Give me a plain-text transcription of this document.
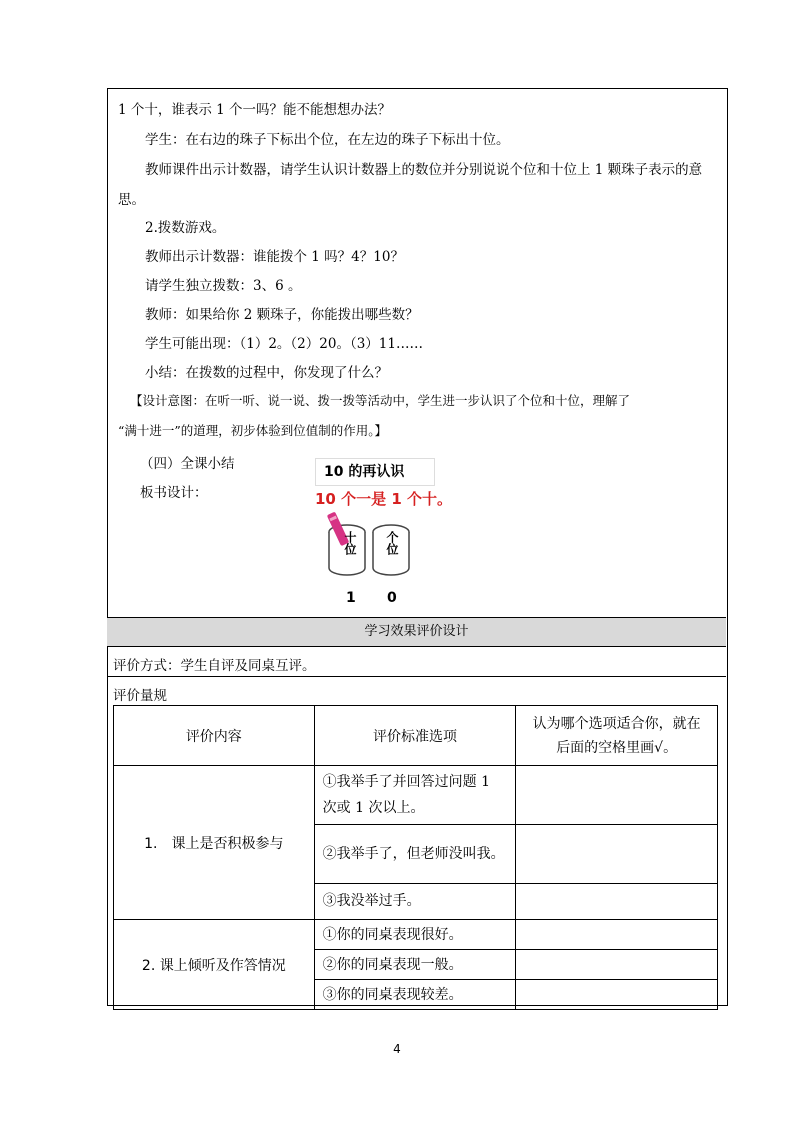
1 个十，谁表示 1 个一吗？能不能想想办法？
学生：在右边的珠子下标出个位，在左边的珠子下标出十位。
教师课件出示计数器，请学生认识计数器上的数位并分别说说个位和十位上 1 颗珠子表示的意
思。
2.拨数游戏。
教师出示计数器：谁能拨个 1 吗？4？10？
请学生独立拨数：3、6 。
教师：如果给你 2 颗珠子，你能拨出哪些数？
学生可能出现：（1）2。（2）20。（3）11……
小结：在拨数的过程中，你发现了什么？
【设计意图：在听一听、说一说、拨一拨等活动中，学生进一步认识了个位和十位，理解了
“满十进一”的道理，初步体验到位值制的作用。】
（四）全课小结
板书设计：
10 的再认识
10 个一是 1 个十。
十位 个位
1 0
学习效果评价设计
评价方式：学生自评及同桌互评。
评价量规
评价内容	评价标准选项	认为哪个选项适合你，就在后面的空格里画√。
1.　课上是否积极参与	①我举手了并回答过问题 1 次或 1 次以上。	
	②我举手了，但老师没叫我。	
	③我没举过手。	
2. 课上倾听及作答情况	①你的同桌表现很好。	
	②你的同桌表现一般。	
	③你的同桌表现较差。	
4
